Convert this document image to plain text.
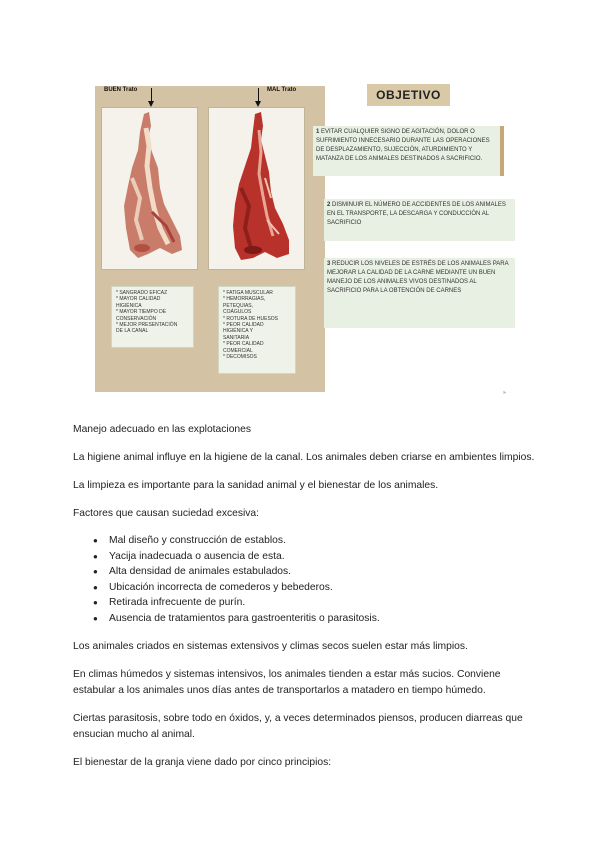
BUEN Trato	MAL Trato
* SANGRADO EFICAZ
* MAYOR CALIDAD
HIGIÉNICA
* MAYOR TIEMPO DE
CONSERVACIÓN
* MEJOR PRESENTACIÓN
DE LA CANAL
* FATIGA MUSCULAR
* HEMORRAGIAS,
PETEQUIAS,
COÁGULOS
* ROTURA DE HUESOS
* PEOR CALIDAD
HIGIÉNICA Y
SANITARIA
* PEOR CALIDAD
COMERCIAL
* DECOMISOS
OBJETIVO
1 EVITAR CUALQUIER SIGNO DE AGITACIÓN, DOLOR O SUFRIMIENTO INNECESARIO DURANTE LAS OPERACIONES DE DESPLAZAMIENTO, SUJECCIÓN, ATURDIMIENTO Y MATANZA DE LOS ANIMALES DESTINADOS A SACRIFICIO.
2 DISMINUIR EL NÚMERO DE ACCIDENTES DE LOS ANIMALES EN EL TRANSPORTE, LA DESCARGA Y CONDUCCIÓN AL SACRIFICIO
3 REDUCIR LOS NIVELES DE ESTRÉS DE LOS ANIMALES PARA MEJORAR LA CALIDAD DE LA CARNE MEDIANTE UN BUEN MANEJO DE LOS ANIMALES VIVOS DESTINADOS AL SACRIFICIO PARA LA OBTENCIÓN DE CARNES
»
Manejo adecuado en las explotaciones
La higiene animal influye en la higiene de la canal. Los animales deben criarse en ambientes limpios.
La limpieza es importante para la sanidad animal y el bienestar de los animales.
Factores que causan suciedad excesiva:
● Mal diseño y construcción de establos.
● Yacija inadecuada o ausencia de esta.
● Alta densidad de animales estabulados.
● Ubicación incorrecta de comederos y bebederos.
● Retirada infrecuente de purín.
● Ausencia de tratamientos para gastroenteritis o parasitosis.
Los animales criados en sistemas extensivos y climas secos suelen estar más limpios.
En climas húmedos y sistemas intensivos, los animales tienden a estar más sucios. Conviene
estabular a los animales unos días antes de transportarlos a matadero en tiempo húmedo.
Ciertas parasitosis, sobre todo en óxidos, y, a veces determinados piensos, producen diarreas que
ensucian mucho al animal.
El bienestar de la granja viene dado por cinco principios:
